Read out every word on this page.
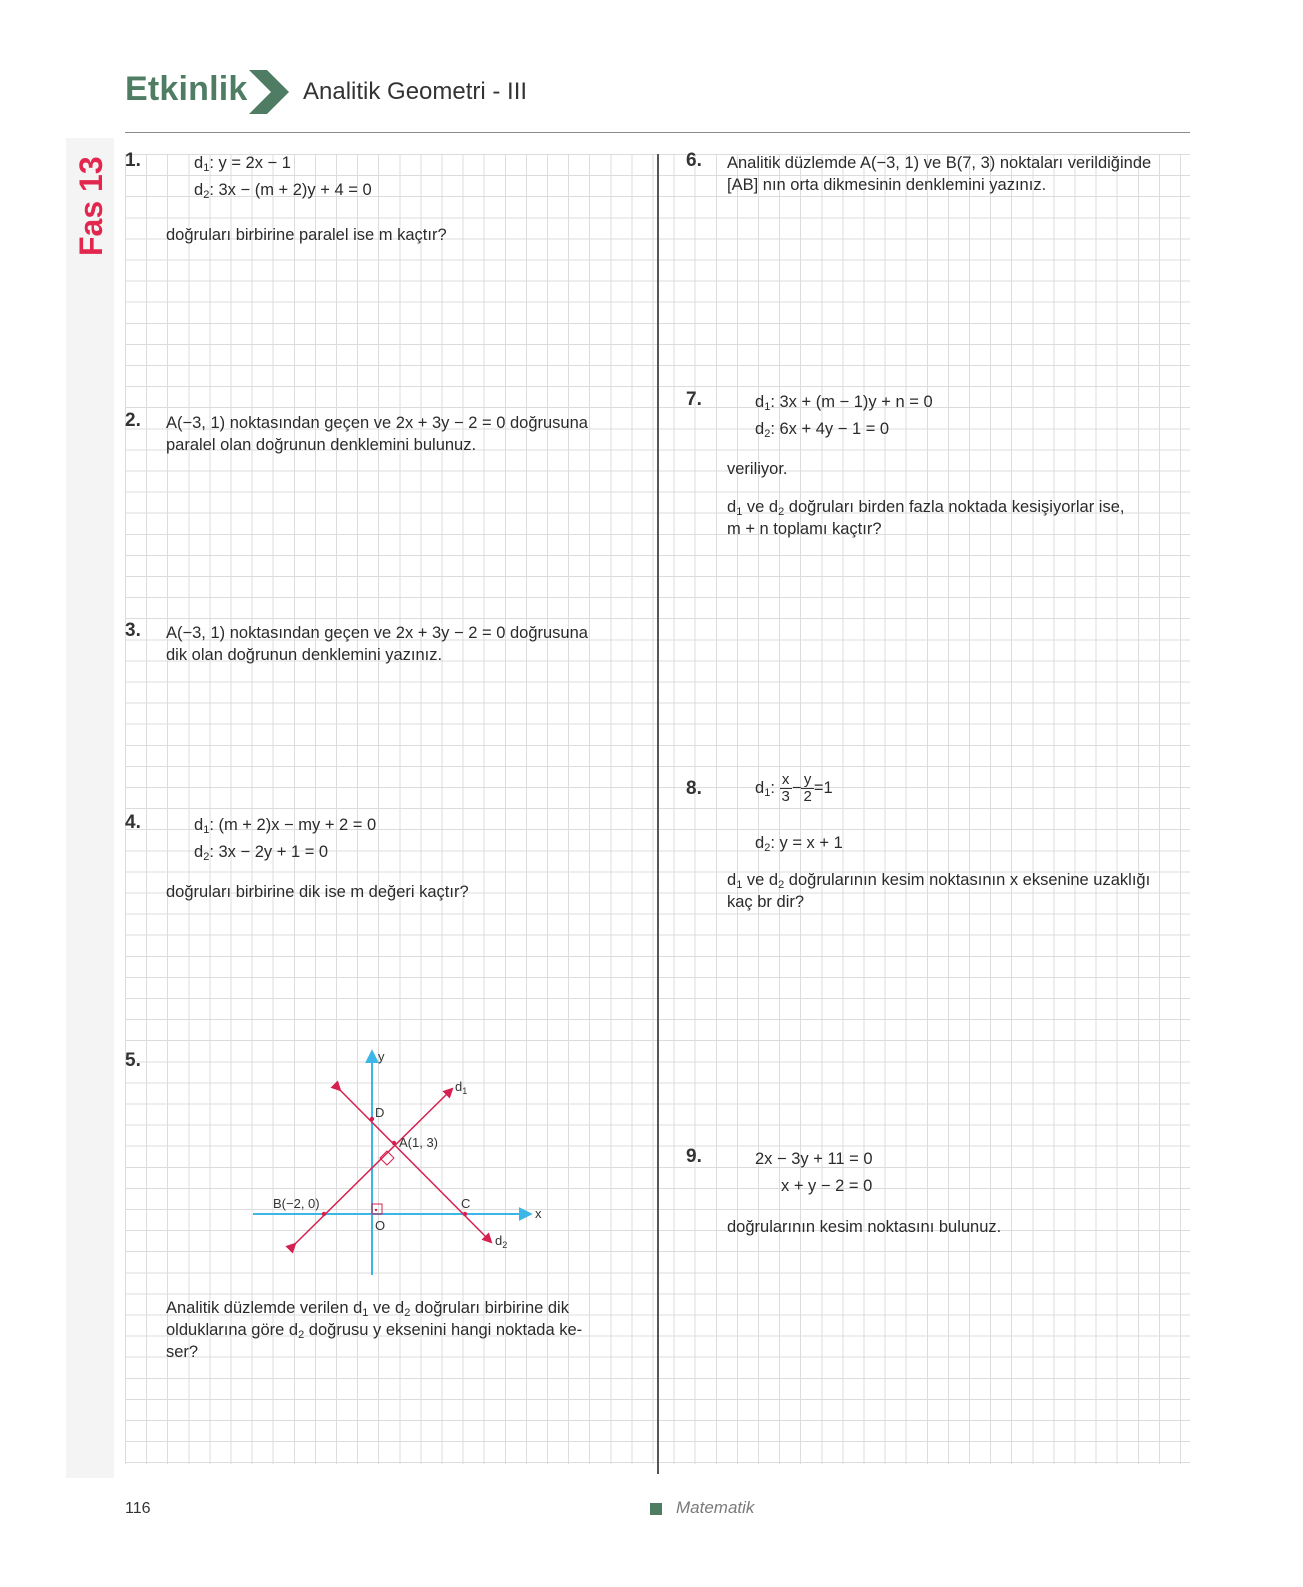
Etkinlik Analitik Geometri - III
Fas 13 1.	$d_1$: y = 2x − 1
$d_2$: 3x − (m + 2)y + 4 = 0
doğruları birbirine paralel ise m kaçtır?
2. A(−3, 1) noktasından geçen ve 2x + 3y − 2 = 0 doğrusuna
paralel olan doğrunun denklemini bulunuz.
3. A(−3, 1) noktasından geçen ve 2x + 3y − 2 = 0 doğrusuna
dik olan doğrunun denklemini yazınız.
4.	$d_1$: (m + 2)x − my + 2 = 0
$d_2$: 3x − 2y + 1 = 0
doğruları birbirine dik ise m değeri kaçtır?
5.	y
x
$d_1$
$d_2$
A(1, 3)
B(−2, 0)	C
D
O
Analitik düzlemde verilen $d_1$ ve $d_2$ doğruları birbirine dik
olduklarına göre $d_2$ doğrusu y eksenini hangi noktada ke-
ser?
6. Analitik düzlemde A(−3, 1) ve B(7, 3) noktaları verildiğinde
[AB] nın orta dikmesinin denklemini yazınız.
7.	$d_1$: 3x + (m − 1)y + n = 0
$d_2$: 6x + 4y − 1 = 0
veriliyor.
$d_1$ ve $d_2$ doğruları birden fazla noktada kesişiyorlar ise,
m + n toplamı kaçtır?
8.	$d_1$: $\frac{x}{3} - \frac{y}{2} =1$
$d_2$: y = x + 1
$d_1$ ve $d_2$ doğrularının kesim noktasının x eksenine uzaklığı
kaç br dir?
9.	2x − 3y + 11 = 0
x + y − 2 = 0
doğrularının kesim noktasını bulunuz.
116	Matematik
